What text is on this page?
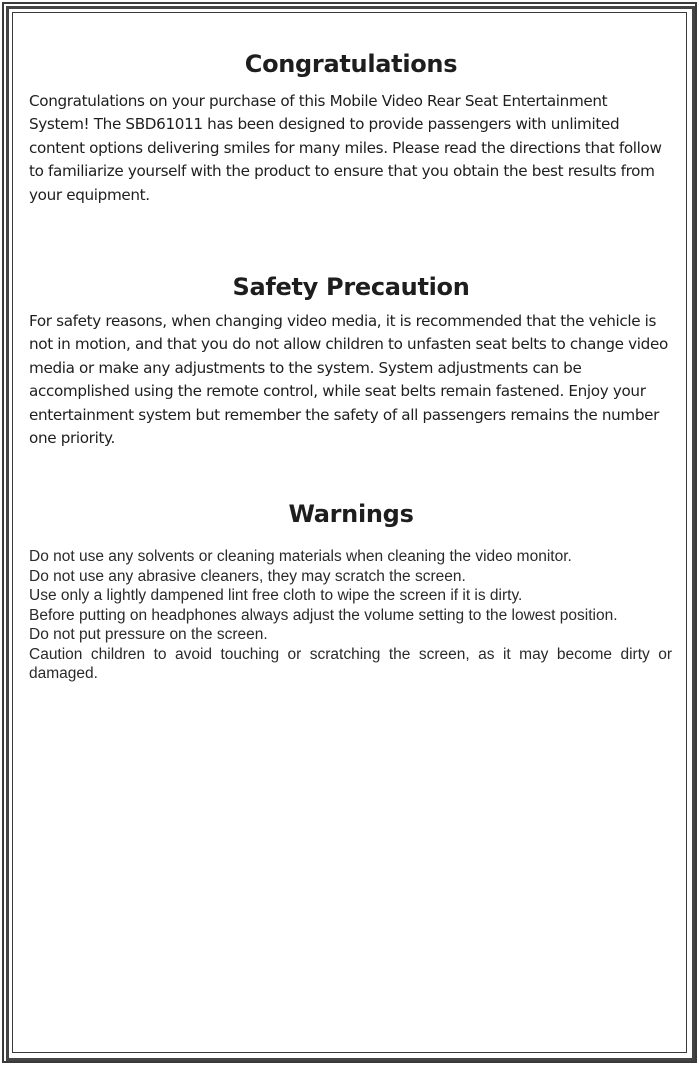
Congratulations

Congratulations on your purchase of this Mobile Video Rear Seat Entertainment System! The SBD61011 has been designed to provide passengers with unlimited content options delivering smiles for many miles. Please read the directions that follow to familiarize yourself with the product to ensure that you obtain the best results from your equipment.

Safety Precaution

For safety reasons, when changing video media, it is recommended that the vehicle is not in motion, and that you do not allow children to unfasten seat belts to change video media or make any adjustments to the system. System adjustments can be accomplished using the remote control, while seat belts remain fastened. Enjoy your entertainment system but remember the safety of all passengers remains the number one priority.

Warnings
Do not use any solvents or cleaning materials when cleaning the video monitor.
Do not use any abrasive cleaners, they may scratch the screen.
Use only a lightly dampened lint free cloth to wipe the screen if it is dirty.
Before putting on headphones always adjust the volume setting to the lowest position.
Do not put pressure on the screen.
Caution children to avoid touching or scratching the screen, as it may become dirty or damaged.
